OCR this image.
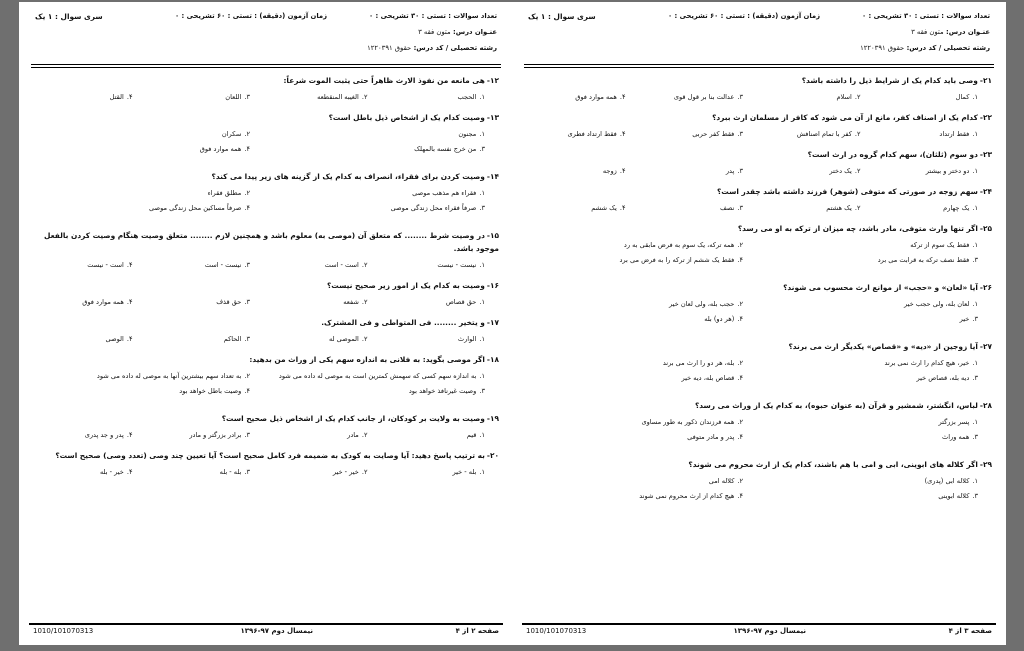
تعداد سوالات : تستی : ۳۰ تشریحی : ۰
زمان آزمون (دقیقه) : تستی : ۶۰ تشریحی : ۰
سری سوال : ۱ یک
عنـوان درس: متون فقه ۳
رشته تحصیلی / کد درس: حقوق ۱۲۲۰۳۹۱
۱۲-هی مانعه من نفوذ الارث ظاهراً حتی یثبت الموت شرعاً:
۱.الحجب
۲.الغیبه المنقطعه
۳.اللعان
۴.القتل
۱۳-وصیت کدام یک از اشخاص ذیل باطل است؟
۱.مجنون
۲.سکران
۳.من خرج نفسه بالمهلک
۴.همه موارد فوق
۱۴-وصیت کردن برای فقراء، انصراف به کدام یک از گزینه های زیر پیدا می کند؟
۱.فقراء هم مذهب موصی
۲.مطلق فقراء
۳.صرفاً فقراء محل زندگی موصی
۴.صرفاً مساکین محل زندگی موصی
۱۵-در وصیت شرط ........ که متعلق آن (موصی به) معلوم باشد و همچنین لازم ........ متعلق وصیت هنگام وصیت کردن بالفعل موجود باشد.
۱.نیست - نیست
۲.است - است
۳.نیست - است
۴.است - نیست
۱۶-وصیت به کدام یک از امور زیر صحیح نیست؟
۱.حق قصاص
۲.شفعه
۳.حق قذف
۴.همه موارد فوق
۱۷-و یتخیر ........ فی المتواطی و فی المشترک.
۱.الوارث
۲.الموصی له
۳.الحاکم
۴.الوصی
۱۸-اگر موصی بگوید: به فلانی به اندازه سهم یکی از وراث من بدهید:
۱.به اندازه سهم کسی که سهمش کمترین است به موصی له داده می شود
۲.به تعداد سهم بیشترین آنها به موصی له داده می شود
۳.وصیت غیرنافذ خواهد بود
۴.وصیت باطل خواهد بود
۱۹-وصیت به ولایت بر کودکان، از جانب کدام یک از اشخاص ذیل صحیح است؟
۱.قیم
۲.مادر
۳.برادر بزرگتر و مادر
۴.پدر و جد پدری
۲۰-به ترتیب پاسخ دهید: آیا وصایت به کودک به ضمیمه فرد کامل صحیح است؟ آیا تعیین چند وصی (تعدد وصی) صحیح است؟
۱.بله - خیر
۲.خیر - خیر
۳.بله - بله
۴.خیر - بله
صفحه ۲ از ۴
نیمسال دوم ۹۷-۱۳۹۶
1010/101070313
تعداد سوالات : تستی : ۳۰ تشریحی : ۰
زمان آزمون (دقیقه) : تستی : ۶۰ تشریحی : ۰
سری سوال : ۱ یک
عنـوان درس: متون فقه ۳
رشته تحصیلی / کد درس: حقوق ۱۲۲۰۳۹۱
۲۱-وصی باید کدام یک از شرایط ذیل را داشته باشد؟
۱.کمال
۲.اسلام
۳.عدالت بنا بر قول قوی
۴.همه موارد فوق
۲۲-کدام یک از اصناف کفر، مانع از آن می شود که کافر از مسلمان ارث ببرد؟
۱.فقط ارتداد
۲.کفر با تمام اصنافش
۳.فقط کفر حربی
۴.فقط ارتداد فطری
۲۳-دو سوم (ثلثان)، سهم کدام گروه در ارث است؟
۱.دو دختر و بیشتر
۲.یک دختر
۳.پدر
۴.زوجه
۲۴-سهم زوجه در صورتی که متوفی (شوهر) فرزند داشته باشد چقدر است؟
۱.یک چهارم
۲.یک هشتم
۳.نصف
۴.یک ششم
۲۵-اگر تنها وارث متوفی، مادر باشد، چه میزان از ترکه به او می رسد؟
۱.فقط یک سوم از ترکه
۲.همه ترکه، یک سوم به فرض مابقی به رد
۳.فقط نصف ترکه به قرابت می برد
۴.فقط یک ششم از ترکه را به فرض می برد
۲۶-آیا «لعان» و «حجب» از موانع ارث محسوب می شوند؟
۱.لعان بله، ولی حجب خیر
۲.حجب بله، ولی لعان خیر
۳.خیر
۴.(هر دو) بله
۲۷-آیا زوجین از «دیه» و «قصاص» یکدیگر ارث می برند؟
۱.خیر، هیچ کدام را ارث نمی برند
۲.بله، هر دو را ارث می برند
۳.دیه بله، قصاص خیر
۴.قصاص بله، دیه خیر
۲۸-لباس، انگشتر، شمشیر و قرآن (به عنوان حبوه)، به کدام یک از وراث می رسد؟
۱.پسر بزرگتر
۲.همه فرزندان ذکور به طور مساوی
۳.همه وراث
۴.پدر و مادر متوفی
۲۹-اگر کلاله های ابوینی، ابی و امی با هم باشند، کدام یک از ارث محروم می شوند؟
۱.کلاله ابی (پدری)
۲.کلاله امی
۳.کلاله ابوینی
۴.هیچ کدام از ارث محروم نمی شوند
صفحه ۳ از ۴
نیمسال دوم ۹۷-۱۳۹۶
1010/101070313
